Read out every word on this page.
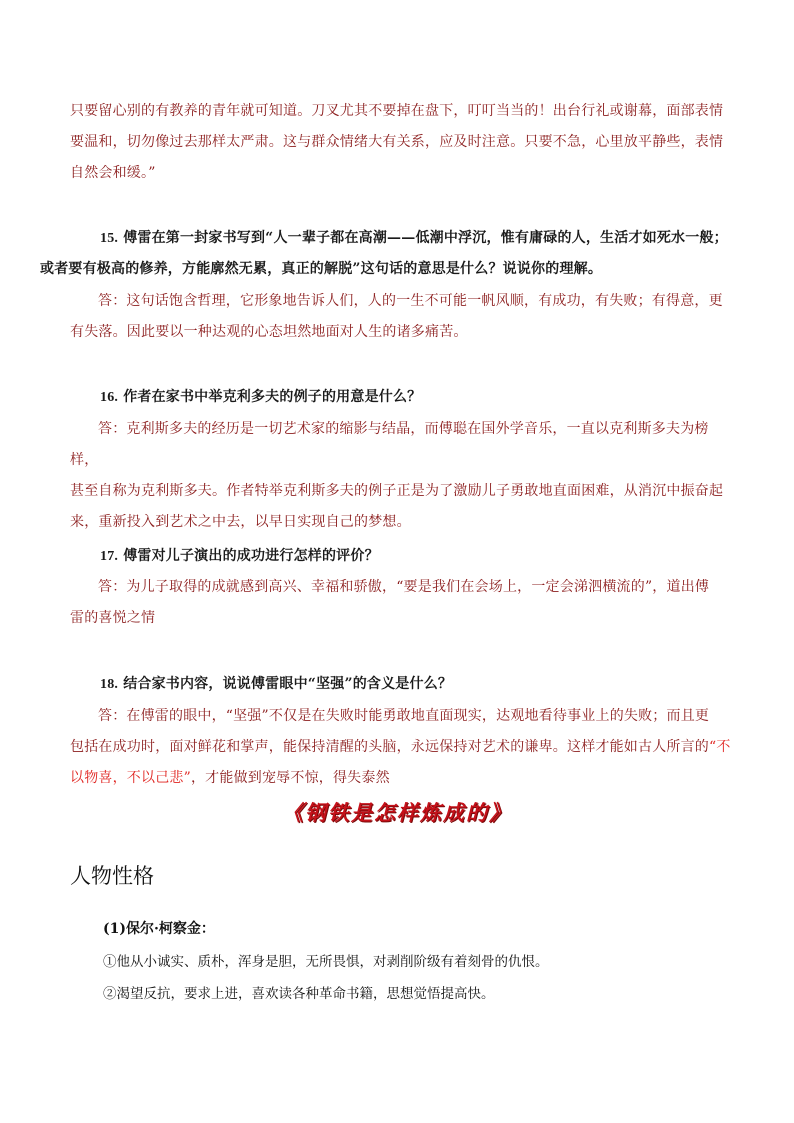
只要留心别的有教养的青年就可知道。刀叉尤其不要掉在盘下，叮叮当当的！出台行礼或谢幕，面部表情
要温和，切勿像过去那样太严肃。这与群众情绪大有关系，应及时注意。只要不急，心里放平静些，表情
自然会和缓。”

15. 傅雷在第一封家书写到“人一辈子都在高潮——低潮中浮沉，惟有庸碌的人，生活才如死水一般；
或者要有极高的修养，方能廓然无累，真正的解脱”这句话的意思是什么？说说你的理解。

答：这句话饱含哲理，它形象地告诉人们，人的一生不可能一帆风顺，有成功，有失败；有得意，更
有失落。因此要以一种达观的心态坦然地面对人生的诸多痛苦。

16. 作者在家书中举克利多夫的例子的用意是什么？

答：克利斯多夫的经历是一切艺术家的缩影与结晶，而傅聪在国外学音乐，一直以克利斯多夫为榜样，
甚至自称为克利斯多夫。作者特举克利斯多夫的例子正是为了激励儿子勇敢地直面困难，从消沉中振奋起
来，重新投入到艺术之中去，以早日实现自己的梦想。

17. 傅雷对儿子演出的成功进行怎样的评价？

答：为儿子取得的成就感到高兴、幸福和骄傲，“要是我们在会场上，一定会涕泗横流的”，道出傅
雷的喜悦之情

18. 结合家书内容，说说傅雷眼中“坚强”的含义是什么？

答：在傅雷的眼中，“坚强”不仅是在失败时能勇敢地直面现实，达观地看待事业上的失败；而且更
包括在成功时，面对鲜花和掌声，能保持清醒的头脑，永远保持对艺术的谦卑。这样才能如古人所言的“不
以物喜，不以己悲”，才能做到宠辱不惊，得失泰然

《钢铁是怎样炼成的》
人物性格
(1)保尔·柯察金：
①他从小诚实、质朴，浑身是胆，无所畏惧，对剥削阶级有着刻骨的仇恨。
②渴望反抗，要求上进，喜欢读各种革命书籍，思想觉悟提高快。
